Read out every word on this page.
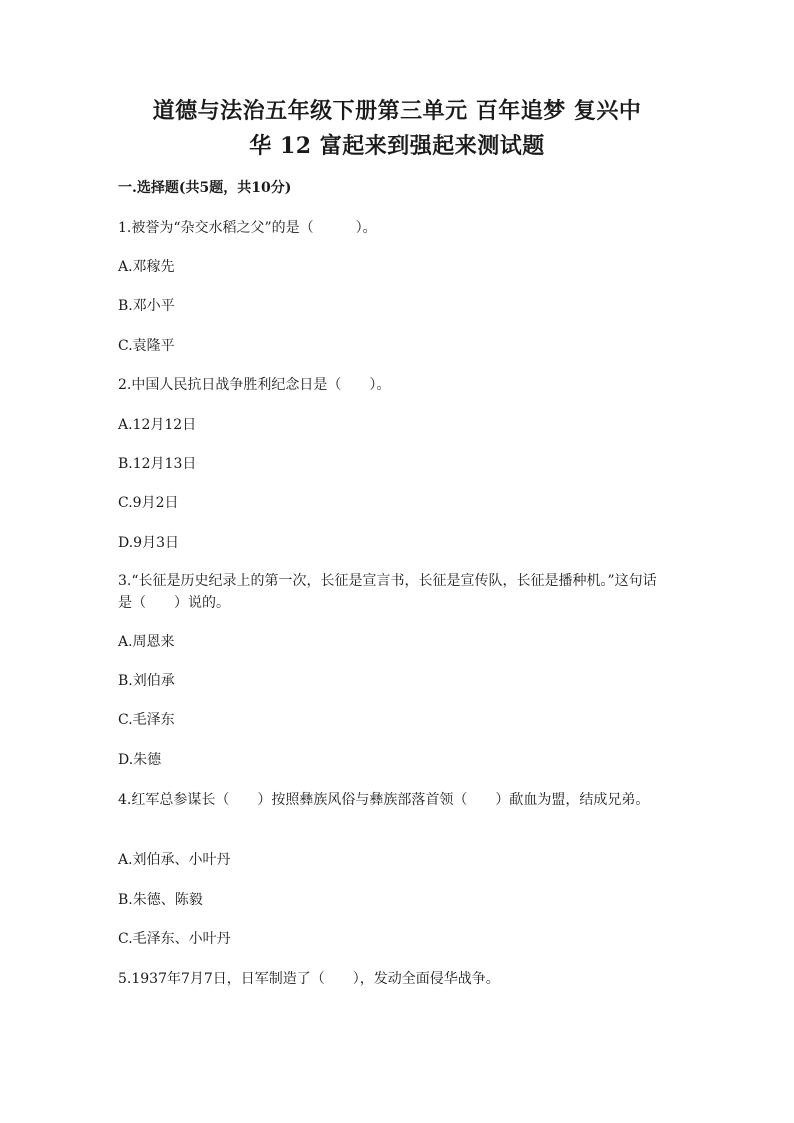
道德与法治五年级下册第三单元 百年追梦 复兴中
华 12 富起来到强起来测试题
一.选择题(共5题，共10分)
1.被誉为“杂交水稻之父”的是（　　　）。
A.邓稼先
B.邓小平
C.袁隆平
2.中国人民抗日战争胜利纪念日是（　　）。
A.12月12日
B.12月13日
C.9月2日
D.9月3日
3.“长征是历史纪录上的第一次，长征是宣言书，长征是宣传队，长征是播种机。”这句话是（　　）说的。
A.周恩来
B.刘伯承
C.毛泽东
D.朱德
4.红军总参谋长（　　）按照彝族风俗与彝族部落首领（　　）歃血为盟，结成兄弟。
A.刘伯承、小叶丹
B.朱德、陈毅
C.毛泽东、小叶丹
5.1937年7月7日，日军制造了（　　），发动全面侵华战争。
